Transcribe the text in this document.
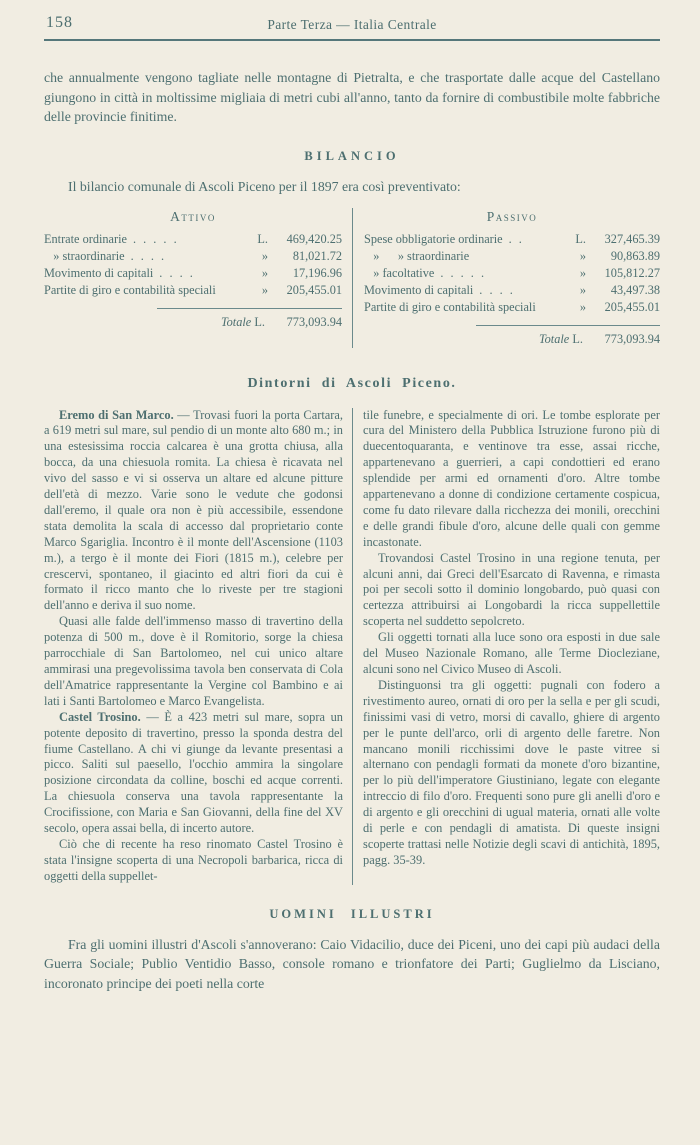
158	Parte Terza — Italia Centrale

che annualmente vengono tagliate nelle montagne di Pietralta, e che trasportate dalle acque del Castellano giungono in città in moltissime migliaia di metri cubi all'anno, tanto da fornire di combustibile molte fabbriche delle provincie finitime.

BILANCIO

Il bilancio comunale di Ascoli Piceno per il 1897 era così preventivato:

Attivo
Entrate ordinarie . . . . .	L.	469,420.25
» straordinarie . . . .	»	81,021.72
Movimento di capitali . . . .	»	17,196.96
Partite di giro e contabilità speciali	»	205,455.01
Totale L. 773,093.94
Passivo
Spese obbligatorie ordinarie . .	L.	327,465.39
»      » straordinarie	»	90,863.89
» facoltative . . . . .	»	105,812.27
Movimento di capitali . . . .	»	43,497.38
Partite di giro e contabilità speciali	»	205,455.01
Totale L. 773,093.94
Dintorni di Ascoli Piceno.

Eremo di San Marco. — Trovasi fuori la porta Cartara, a 619 metri sul mare, sul pendio di un monte alto 680 m.; in una estesissima roccia calcarea è una grotta chiusa, alla bocca, da una chiesuola romita. La chiesa è ricavata nel vivo del sasso e vi si osserva un altare ed alcune pitture dell'età di mezzo. Varie sono le vedute che godonsi dall'eremo, il quale ora non è più accessibile, essendone stata demolita la scala di accesso dal proprietario conte Marco Sgariglia. Incontro è il monte dell'Ascensione (1103 m.), a tergo è il monte dei Fiori (1815 m.), celebre per crescervi, spontaneo, il giacinto ed altri fiori da cui è formato il ricco manto che lo riveste per tre stagioni dell'anno e deriva il suo nome.

Quasi alle falde dell'immenso masso di travertino della potenza di 500 m., dove è il Romitorio, sorge la chiesa parrocchiale di San Bartolomeo, nel cui unico altare ammirasi una pregevolissima tavola ben conservata di Cola dell'Amatrice rappresentante la Vergine col Bambino e ai lati i Santi Bartolomeo e Marco Evangelista.

Castel Trosino. — È a 423 metri sul mare, sopra un potente deposito di travertino, presso la sponda destra del fiume Castellano. A chi vi giunge da levante presentasi a picco. Saliti sul paesello, l'occhio ammira la singolare posizione circondata da colline, boschi ed acque correnti. La chiesuola conserva una tavola rappresentante la Crocifissione, con Maria e San Giovanni, della fine del XV secolo, opera assai bella, di incerto autore.

Ciò che di recente ha reso rinomato Castel Trosino è stata l'insigne scoperta di una Necropoli barbarica, ricca di oggetti della suppellet-

tile funebre, e specialmente di ori. Le tombe esplorate per cura del Ministero della Pubblica Istruzione furono più di duecentoquaranta, e ventinove tra esse, assai ricche, appartenevano a guerrieri, a capi condottieri ed erano splendide per armi ed ornamenti d'oro. Altre tombe appartenevano a donne di condizione certamente cospicua, come fu dato rilevare dalla ricchezza dei monili, orecchini e delle grandi fibule d'oro, alcune delle quali con gemme incastonate.

Trovandosi Castel Trosino in una regione tenuta, per alcuni anni, dai Greci dell'Esarcato di Ravenna, e rimasta poi per secoli sotto il dominio longobardo, può quasi con certezza attribuirsi ai Longobardi la ricca suppellettile scoperta nel suddetto sepolcreto.

Gli oggetti tornati alla luce sono ora esposti in due sale del Museo Nazionale Romano, alle Terme Diocleziane, alcuni sono nel Civico Museo di Ascoli.

Distinguonsi tra gli oggetti: pugnali con fodero a rivestimento aureo, ornati di oro per la sella e per gli scudi, finissimi vasi di vetro, morsi di cavallo, ghiere di argento per le punte dell'arco, orli di argento delle faretre. Non mancano monili ricchissimi dove le paste vitree si alternano con pendagli formati da monete d'oro bizantine, per lo più dell'imperatore Giustiniano, legate con elegante intreccio di filo d'oro. Frequenti sono pure gli anelli d'oro e di argento e gli orecchini di ugual materia, ornati alle volte di perle e con pendagli di amatista. Di queste insigni scoperte trattasi nelle Notizie degli scavi di antichità, 1895, pagg. 35-39.

UOMINI ILLUSTRI

Fra gli uomini illustri d'Ascoli s'annoverano: Caio Vidacilio, duce dei Piceni, uno dei capi più audaci della Guerra Sociale; Publio Ventidio Basso, console romano e trionfatore dei Parti; Guglielmo da Lisciano, incoronato principe dei poeti nella corte
